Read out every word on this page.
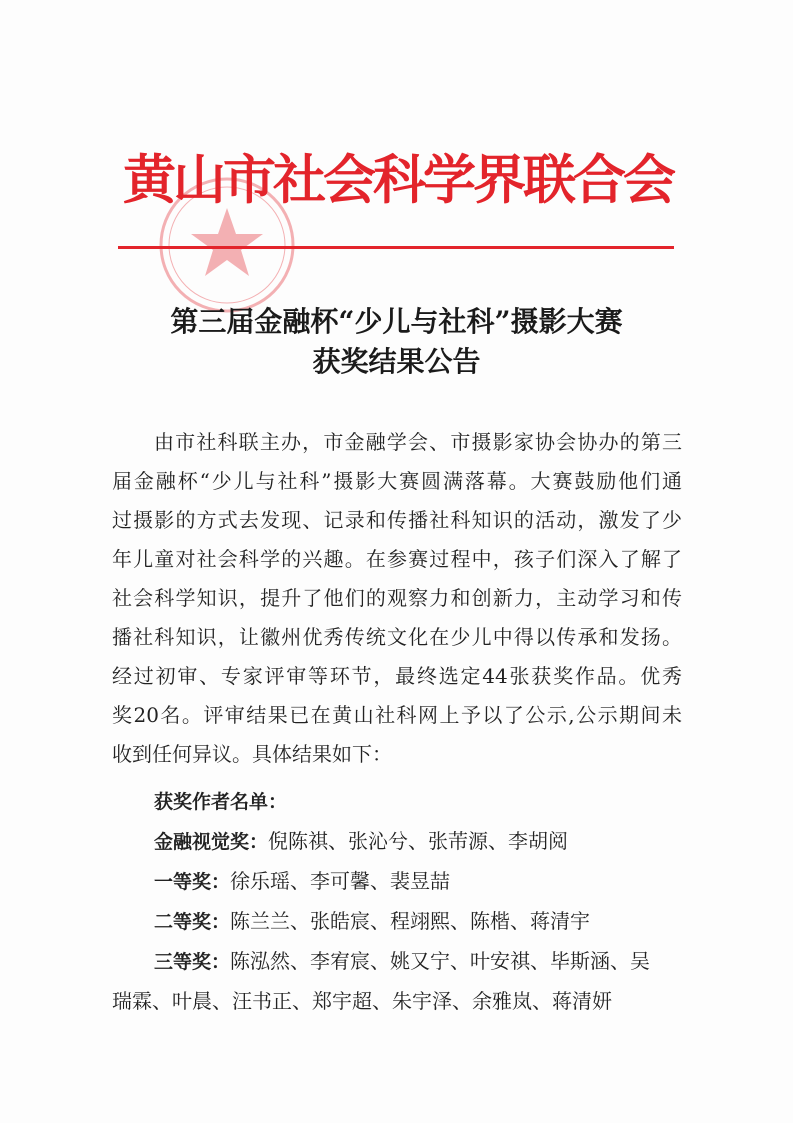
黄山市社会科学界联合会
第三届金融杯“少儿与社科”摄影大赛
获奖结果公告
由市社科联主办，市金融学会、市摄影家协会协办的第三
届金融杯“少儿与社科”摄影大赛圆满落幕。大赛鼓励他们通
过摄影的方式去发现、记录和传播社科知识的活动，激发了少
年儿童对社会科学的兴趣。在参赛过程中，孩子们深入了解了
社会科学知识，提升了他们的观察力和创新力，主动学习和传
播社科知识，让徽州优秀传统文化在少儿中得以传承和发扬。
经过初审、专家评审等环节，最终选定44张获奖作品。优秀
奖20名。评审结果已在黄山社科网上予以了公示,公示期间未
收到任何异议。具体结果如下：
获奖作者名单：
金融视觉奖：倪陈祺、张沁兮、张芾源、李胡阅
一等奖：徐乐瑶、李可馨、裴昱喆
二等奖：陈兰兰、张皓宸、程翊熙、陈楷、蒋清宇
三等奖：陈泓然、李宥宸、姚又宁、叶安祺、毕斯涵、吴
瑞霖、叶晨、汪书正、郑宇超、朱宇泽、余雅岚、蒋清妍
